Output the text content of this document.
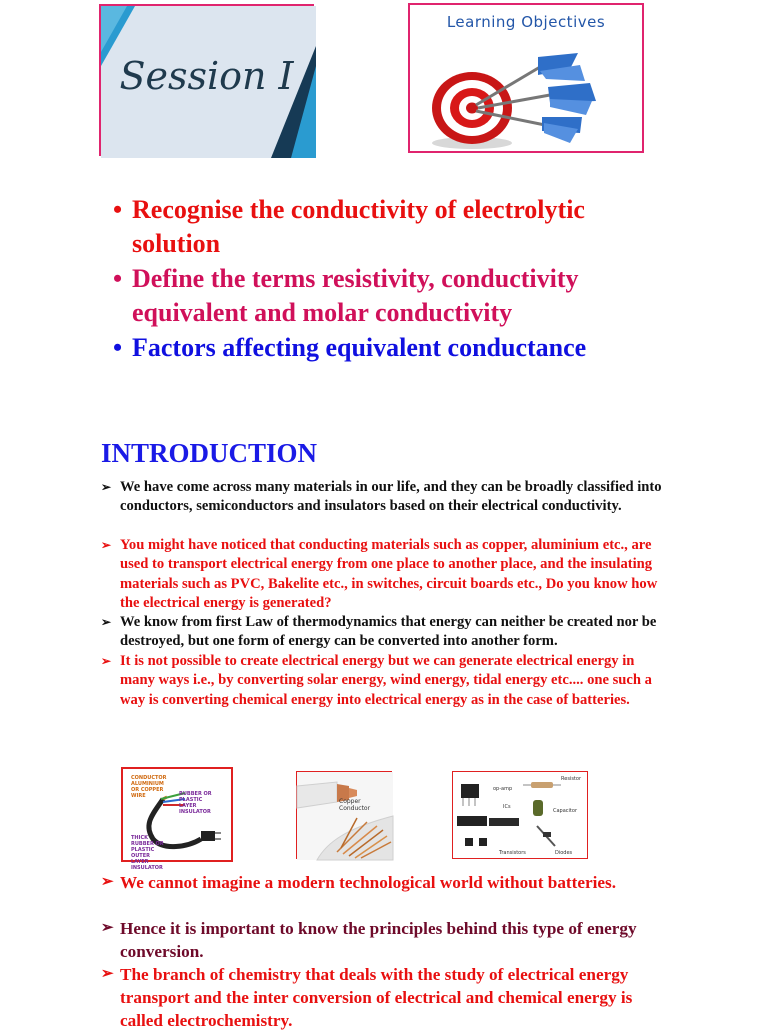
Session I
Learning Objectives
• Recognise the conductivity of electrolytic solution
• Define the terms resistivity, conductivity equivalent and molar conductivity
• Factors affecting equivalent conductance
INTRODUCTION
➢ We have come across many materials in our life, and they can be broadly classified into conductors, semiconductors and insulators based on their electrical conductivity.
➢ You might have noticed that conducting materials such as copper, aluminium etc., are used to transport electrical energy from one place to another place, and the insulating materials such as PVC, Bakelite etc., in switches, circuit boards etc., Do you know how the electrical energy is generated?
➢ We know from first Law of thermodynamics that energy can neither be created nor be destroyed, but one form of energy can be converted into another form.
➢ It is not possible to create electrical energy but we can generate electrical energy in many ways i.e., by converting solar energy, wind energy, tidal energy etc.... one such a way is converting chemical energy into electrical energy as in the case of batteries.
CONDUCTOR ALUMINIUM OR COPPER WIRE	RUBBER OR PLASTIC LAYER INSULATOR
THICK RUBBER OR PLASTIC OUTER LAYER INSULATOR
Copper Conductor
Resistor
op-amp
Capacitor
ICs
Transistors	Diodes
➢ We cannot imagine a modern technological world without batteries.
➢ Hence it is important to know the principles behind this type of energy conversion.
➢ The branch of chemistry that deals with the study of electrical energy transport and the inter conversion of electrical and chemical energy is called electrochemistry.
